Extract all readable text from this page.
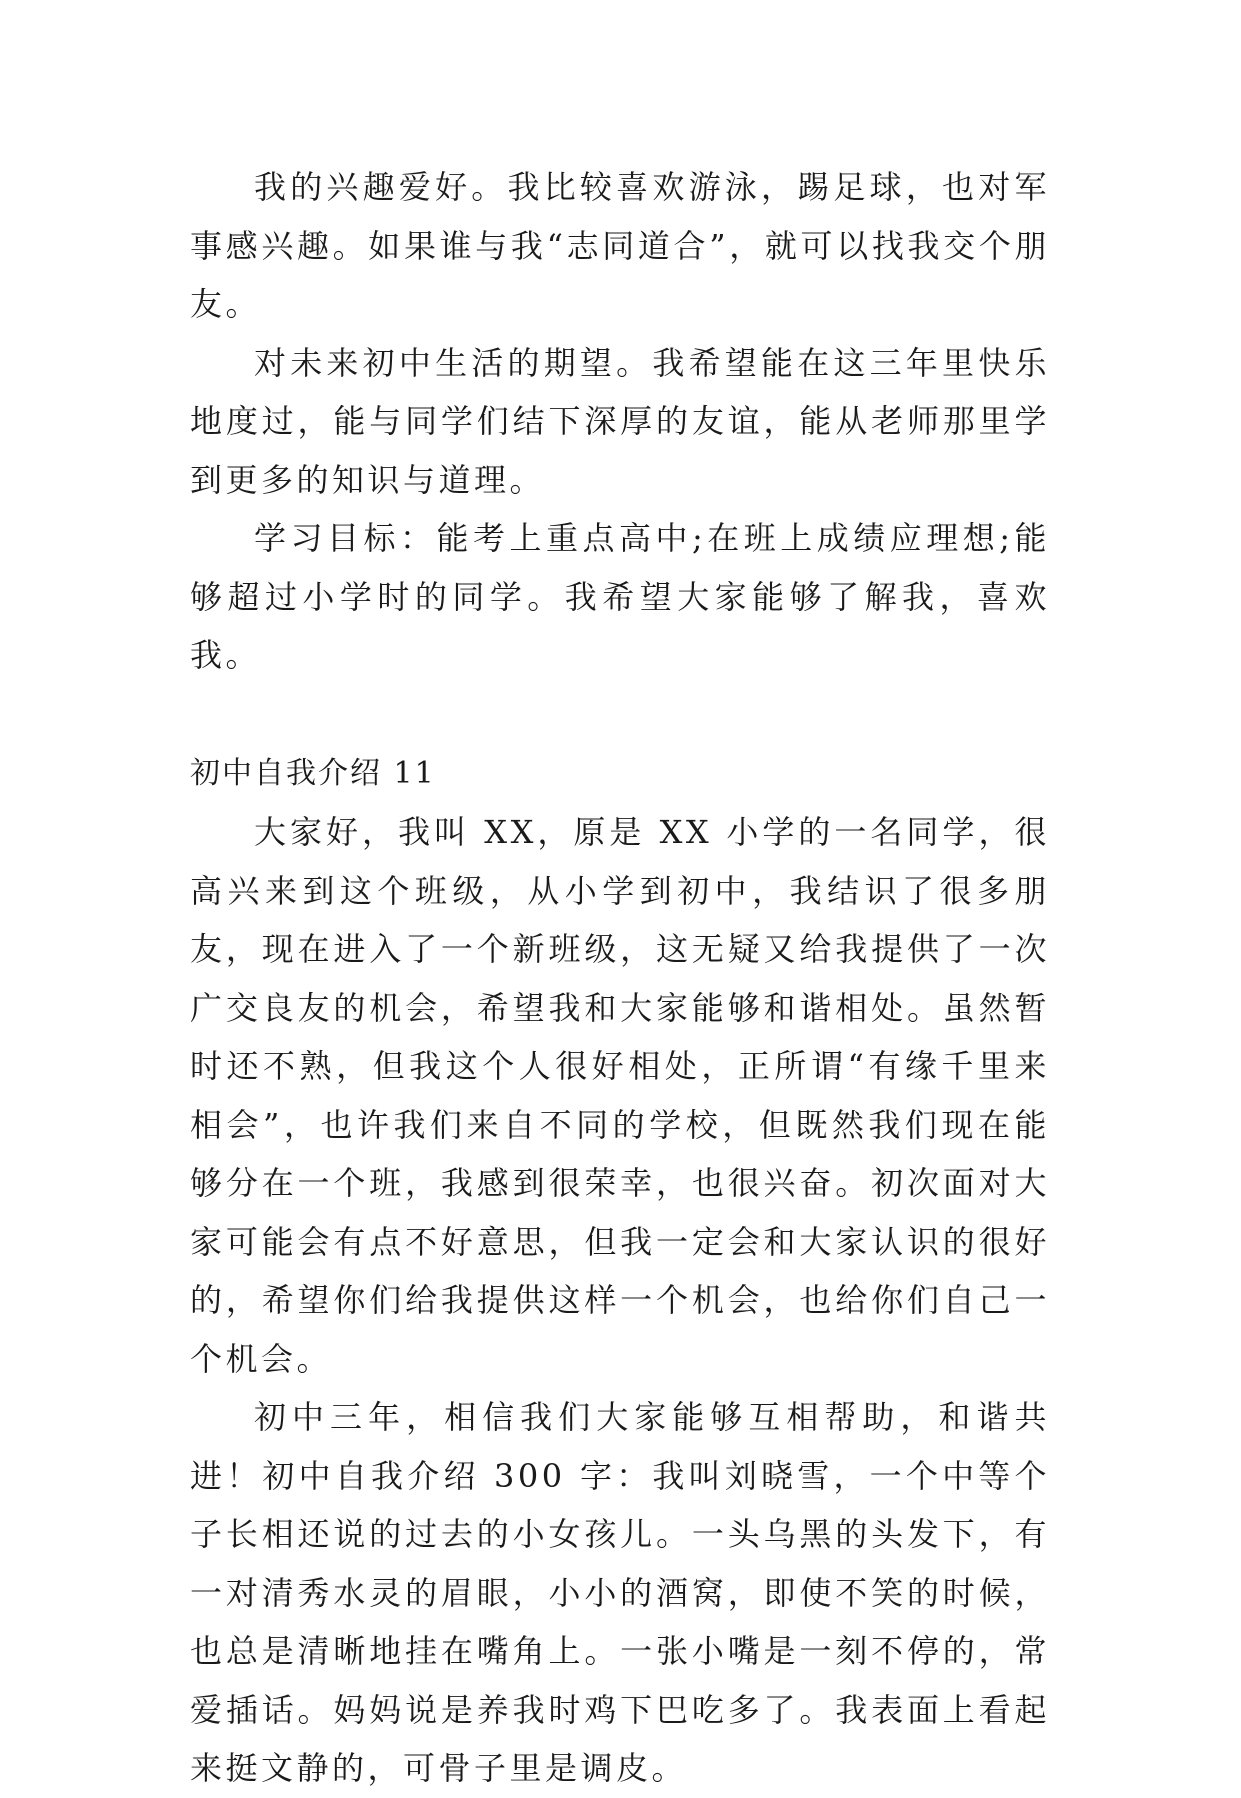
我的兴趣爱好。我比较喜欢游泳，踢足球，也对军事感兴趣。如果谁与我“志同道合”，就可以找我交个朋友。

对未来初中生活的期望。我希望能在这三年里快乐地度过，能与同学们结下深厚的友谊，能从老师那里学到更多的知识与道理。

学习目标：能考上重点高中;在班上成绩应理想;能够超过小学时的同学。我希望大家能够了解我，喜欢我。

初中自我介绍 11

大家好，我叫 XX，原是 XX 小学的一名同学，很高兴来到这个班级，从小学到初中，我结识了很多朋友，现在进入了一个新班级，这无疑又给我提供了一次广交良友的机会，希望我和大家能够和谐相处。虽然暂时还不熟，但我这个人很好相处，正所谓“有缘千里来相会”，也许我们来自不同的学校，但既然我们现在能够分在一个班，我感到很荣幸，也很兴奋。初次面对大家可能会有点不好意思，但我一定会和大家认识的很好的，希望你们给我提供这样一个机会，也给你们自己一个机会。

初中三年，相信我们大家能够互相帮助，和谐共进！初中自我介绍 300 字：我叫刘晓雪，一个中等个子长相还说的过去的小女孩儿。一头乌黑的头发下，有一对清秀水灵的眉眼，小小的酒窝，即使不笑的时候，也总是清晰地挂在嘴角上。一张小嘴是一刻不停的，常爱插话。妈妈说是养我时鸡下巴吃多了。我表面上看起来挺文静的，可骨子里是调皮。
